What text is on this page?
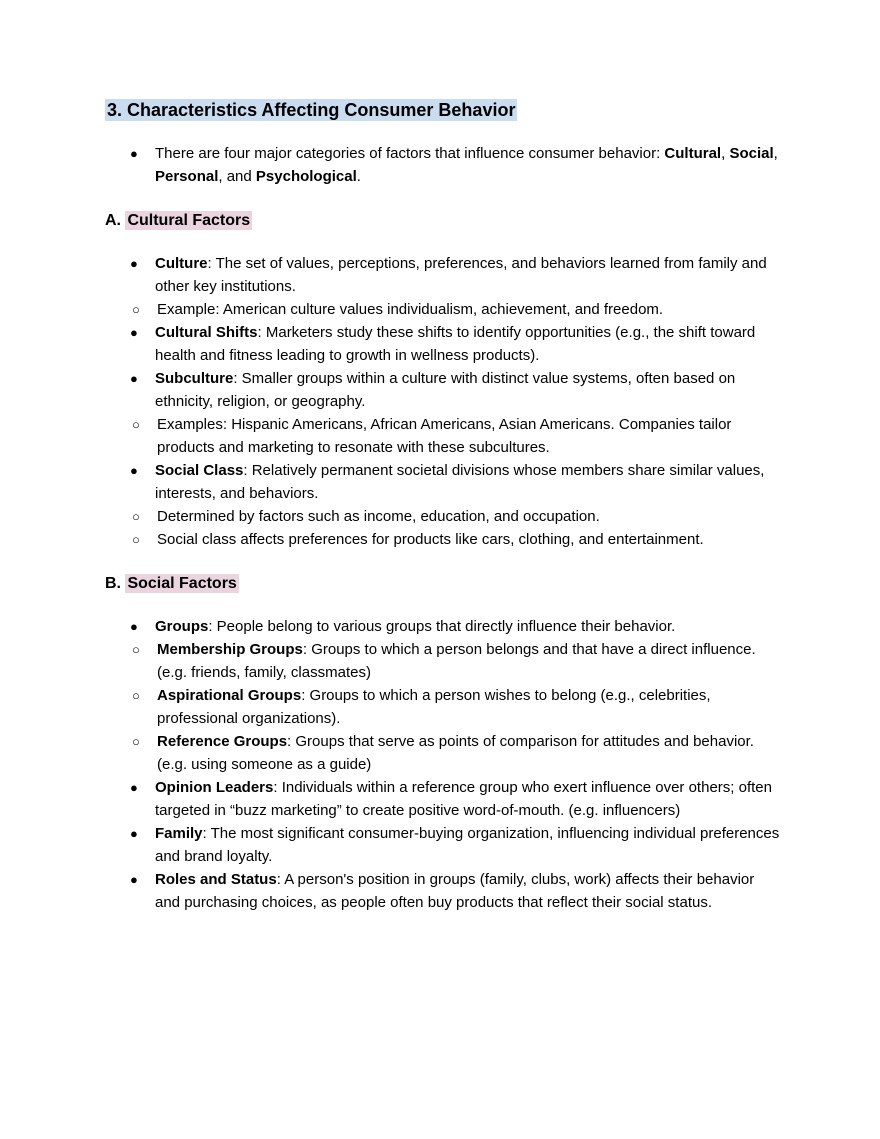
3. Characteristics Affecting Consumer Behavior
●	There are four major categories of factors that influence consumer behavior: Cultural, Social, Personal, and Psychological.
A. Cultural Factors
●	Culture: The set of values, perceptions, preferences, and behaviors learned from family and other key institutions.
○	Example: American culture values individualism, achievement, and freedom.
●	Cultural Shifts: Marketers study these shifts to identify opportunities (e.g., the shift toward health and fitness leading to growth in wellness products).
●	Subculture: Smaller groups within a culture with distinct value systems, often based on ethnicity, religion, or geography.
○	Examples: Hispanic Americans, African Americans, Asian Americans. Companies tailor products and marketing to resonate with these subcultures.
●	Social Class: Relatively permanent societal divisions whose members share similar values, interests, and behaviors.
○	Determined by factors such as income, education, and occupation.
○	Social class affects preferences for products like cars, clothing, and entertainment.
B. Social Factors
●	Groups: People belong to various groups that directly influence their behavior.
○	Membership Groups: Groups to which a person belongs and that have a direct influence. (e.g. friends, family, classmates)
○	Aspirational Groups: Groups to which a person wishes to belong (e.g., celebrities, professional organizations).
○	Reference Groups: Groups that serve as points of comparison for attitudes and behavior. (e.g. using someone as a guide)
●	Opinion Leaders: Individuals within a reference group who exert influence over others; often targeted in “buzz marketing” to create positive word-of-mouth. (e.g. influencers)
●	Family: The most significant consumer-buying organization, influencing individual preferences and brand loyalty.
●	Roles and Status: A person's position in groups (family, clubs, work) affects their behavior and purchasing choices, as people often buy products that reflect their social status.
